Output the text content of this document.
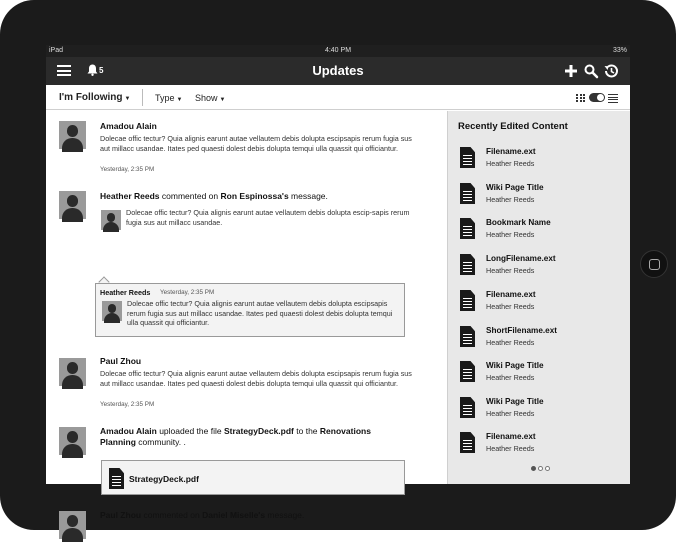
iPad	4:40 PM	33%
5	Updates
I'm Following ▼	Type ▼ Show ▼
Amadou Alain
Dolecae offic tectur? Quia alignis earunt autae vellautem debis dolupta escipsapis rerum fugia sus aut millacc usandae. Itates ped quaesti dolest debis dolupta temqui ulla quassit qui officiantur.
Yesterday, 2:35 PM
Heather Reeds commented on Ron Espinossa's message.
Dolecae offic tectur? Quia alignis earunt autae vellautem debis dolupta escip-sapis rerum fugia sus aut millacc usandae.
Heather Reeds Yesterday, 2:35 PM
Dolecae offic tectur? Quia alignis earunt autae vellautem debis dolupta escipsapis rerum fugia sus aut millacc usandae. Itates ped quaesti dolest debis dolupta temqui ulla quassit qui officiantur.
Paul Zhou
Dolecae offic tectur? Quia alignis earunt autae vellautem debis dolupta escipsapis rerum fugia sus aut millacc usandae. Itates ped quaesti dolest debis dolupta temqui ulla quassit qui officiantur.
Yesterday, 2:35 PM
Amadou Alain uploaded the file StrategyDeck.pdf to the Renovations Planning community. .
StrategyDeck.pdf
Paul Zhou commented on Daniel Miselle's message.
Recently Edited Content
Filename.ext
Heather Reeds
Wiki Page Title
Heather Reeds
Bookmark Name
Heather Reeds
LongFilename.ext
Heather Reeds
Filename.ext
Heather Reeds
ShortFilename.ext
Heather Reeds
Wiki Page Title
Heather Reeds
Wiki Page Title
Heather Reeds
Filename.ext
Heather Reeds
